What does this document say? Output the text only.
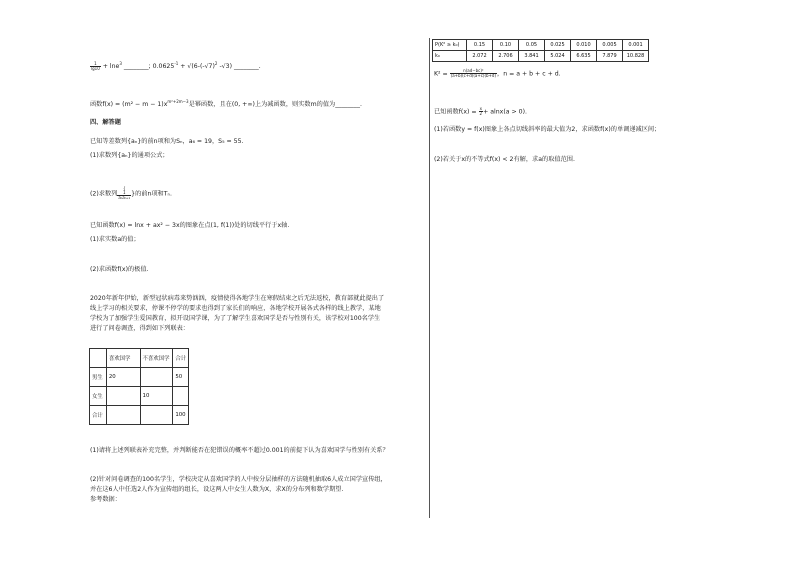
$\frac{1}{\lg 10} + \ln e^3$ ________; $0.0625^{-1} + √(6-(-√7)^2$ -√3) ________.
函数$f(x) = (m^2 - m - 1)x^{m^2+2m-3}$是幂函数，且在(0, +∞)上为减函数，则实数m的值为________.
四、解答题
已知等差数列{aₙ}的前n项和为Sₙ，a₆ = 19，S₅ = 55.
(1)求数列{aₙ}的通项公式；
(2)求数列{
1
aₙaₙ₊₁ }的前n项和Tₙ.
已知函数f(x) = lnx + ax² − 3x的图象在点(1, f(1))处的切线平行于x轴.
(1)求实数a的值；
(2)求函数f(x)的极值.
2020年新年伊始，新型冠状病毒来势汹汹，疫情使得各地学生在寒假结束之后无法返校，教育部就此提出了
线上学习的相关要求，停课不停学的要求也得到了家长们的响应，各地学校开展各式各样的线上教学，某地
学校为了加强学生爱国教育，拟开设国学课，为了了解学生喜欢国学是否与性别有关，该学校对100名学生
进行了问卷调查，得到如下列联表：
	喜欢国学	不喜欢国学	合计
男生	20		50
女生		10	
合计			100
(1)请将上述列联表补充完整，并判断能否在犯错误的概率不超过0.001的前提下认为喜欢国学与性别有关系？
(2)针对问卷调查的100名学生，学校决定从喜欢国学的人中按分层抽样的方法随机抽取6人成立国学宣传组，
并在这6人中任选2人作为宣传组的组长，设这两人中女生人数为X，求X的分布列和数学期望.
参考数据：
P(K² ≥ k₀)	0.15	0.10	0.05	0.025	0.010	0.005	0.001
k₀	2.072	2.706	3.841	5.024	6.635	7.879	10.828
$K^2 = \frac{\text{n(ad−bc)²}}{(a+b)(c+d)(a+c)(b+d)}$ ，n = a + b + c + d.
已知函数$f(x) = \frac{x}{2} + alnx(a > 0)$.
(1)若函数y = f(x)图象上各点切线斜率的最大值为2，求函数f(x)的单调递减区间；
(2)若关于x的不等式f(x) < 2有解，求a的取值范围.
